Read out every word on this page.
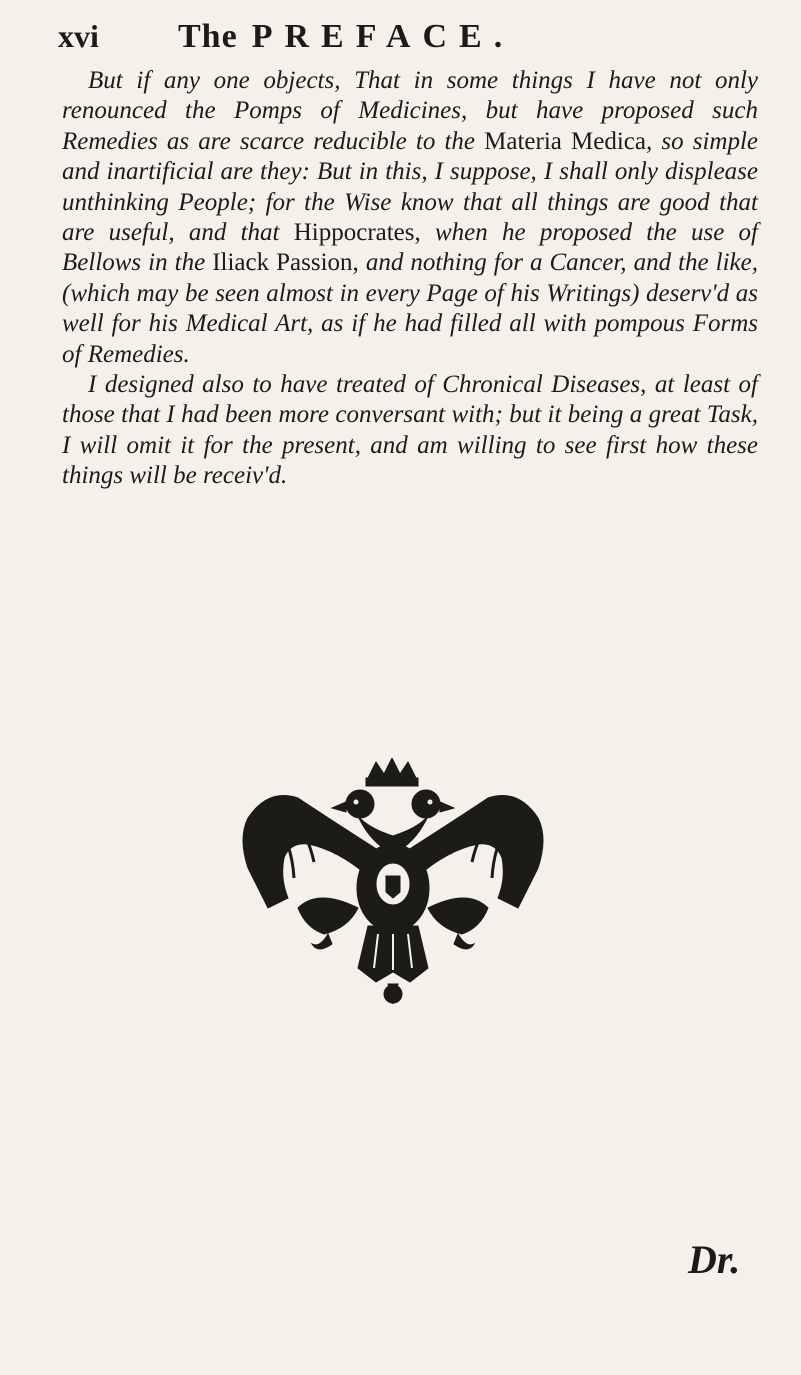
xvi	The PREFACE.

But if any one objects, That in some things I have not only renounced the Pomps of Medicines, but have proposed such Remedies as are scarce reducible to the Materia Medica, so simple and inartificial are they: But in this, I suppose, I shall only displease unthinking People; for the Wise know that all things are good that are useful, and that Hippocrates, when he proposed the use of Bellows in the Iliack Passion, and nothing for a Cancer, and the like, (which may be seen almost in every Page of his Writings) deserv'd as well for his Medical Art, as if he had filled all with pompous Forms of Remedies.

I designed also to have treated of Chronical Diseases, at least of those that I had been more conversant with; but it being a great Task, I will omit it for the present, and am willing to see first how these things will be receiv'd.

Dr.
